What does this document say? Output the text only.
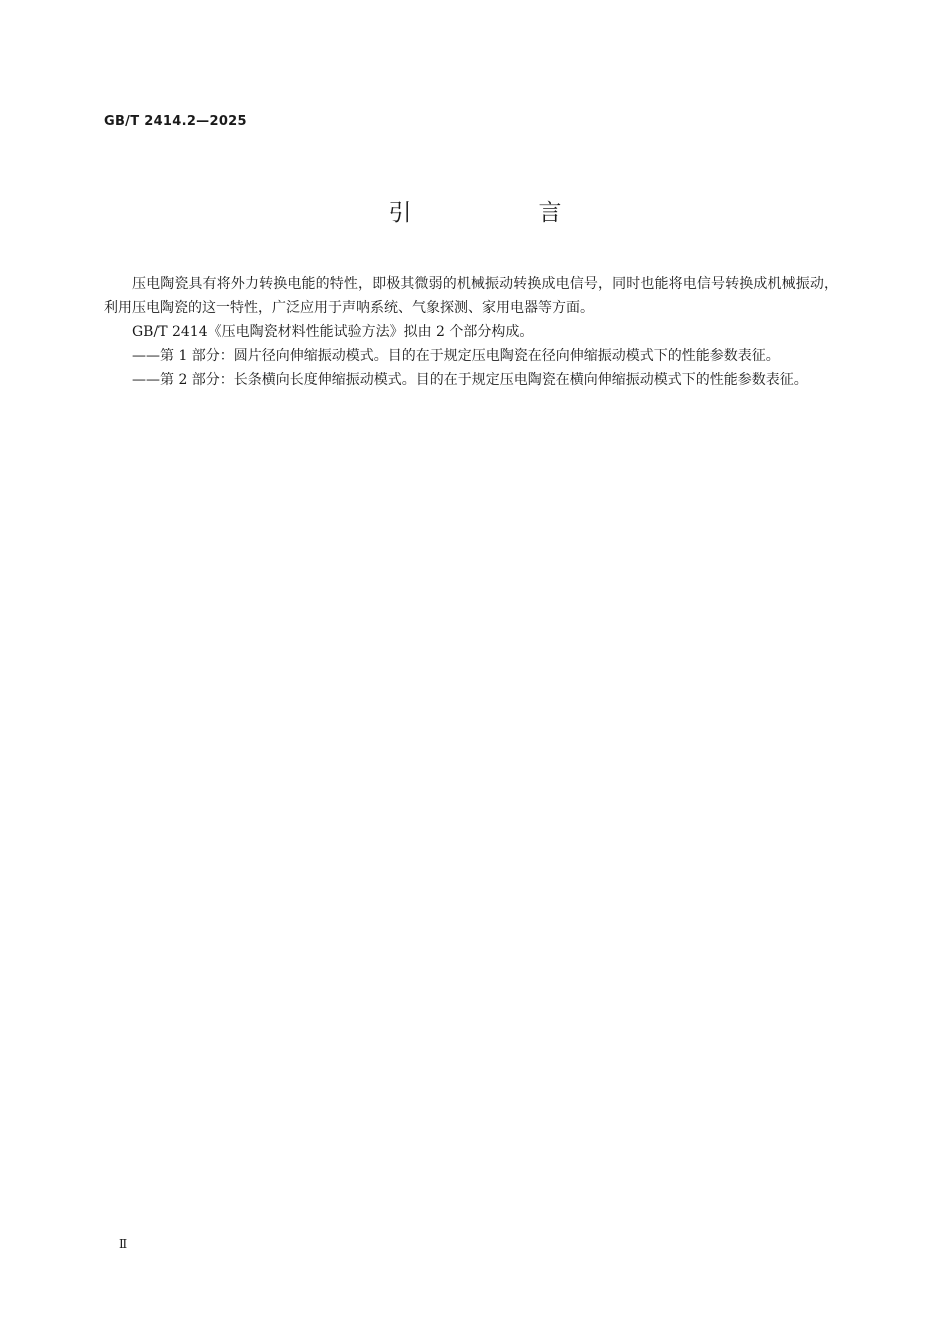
GB/T 2414.2—2025
引　言

压电陶瓷具有将外力转换电能的特性，即极其微弱的机械振动转换成电信号，同时也能将电信号转换成机械振动，利用压电陶瓷的这一特性，广泛应用于声呐系统、气象探测、家用电器等方面。

GB/T 2414《压电陶瓷材料性能试验方法》拟由 2 个部分构成。

——第 1 部分：圆片径向伸缩振动模式。目的在于规定压电陶瓷在径向伸缩振动模式下的性能参数表征。

——第 2 部分：长条横向长度伸缩振动模式。目的在于规定压电陶瓷在横向伸缩振动模式下的性能参数表征。

Ⅱ
